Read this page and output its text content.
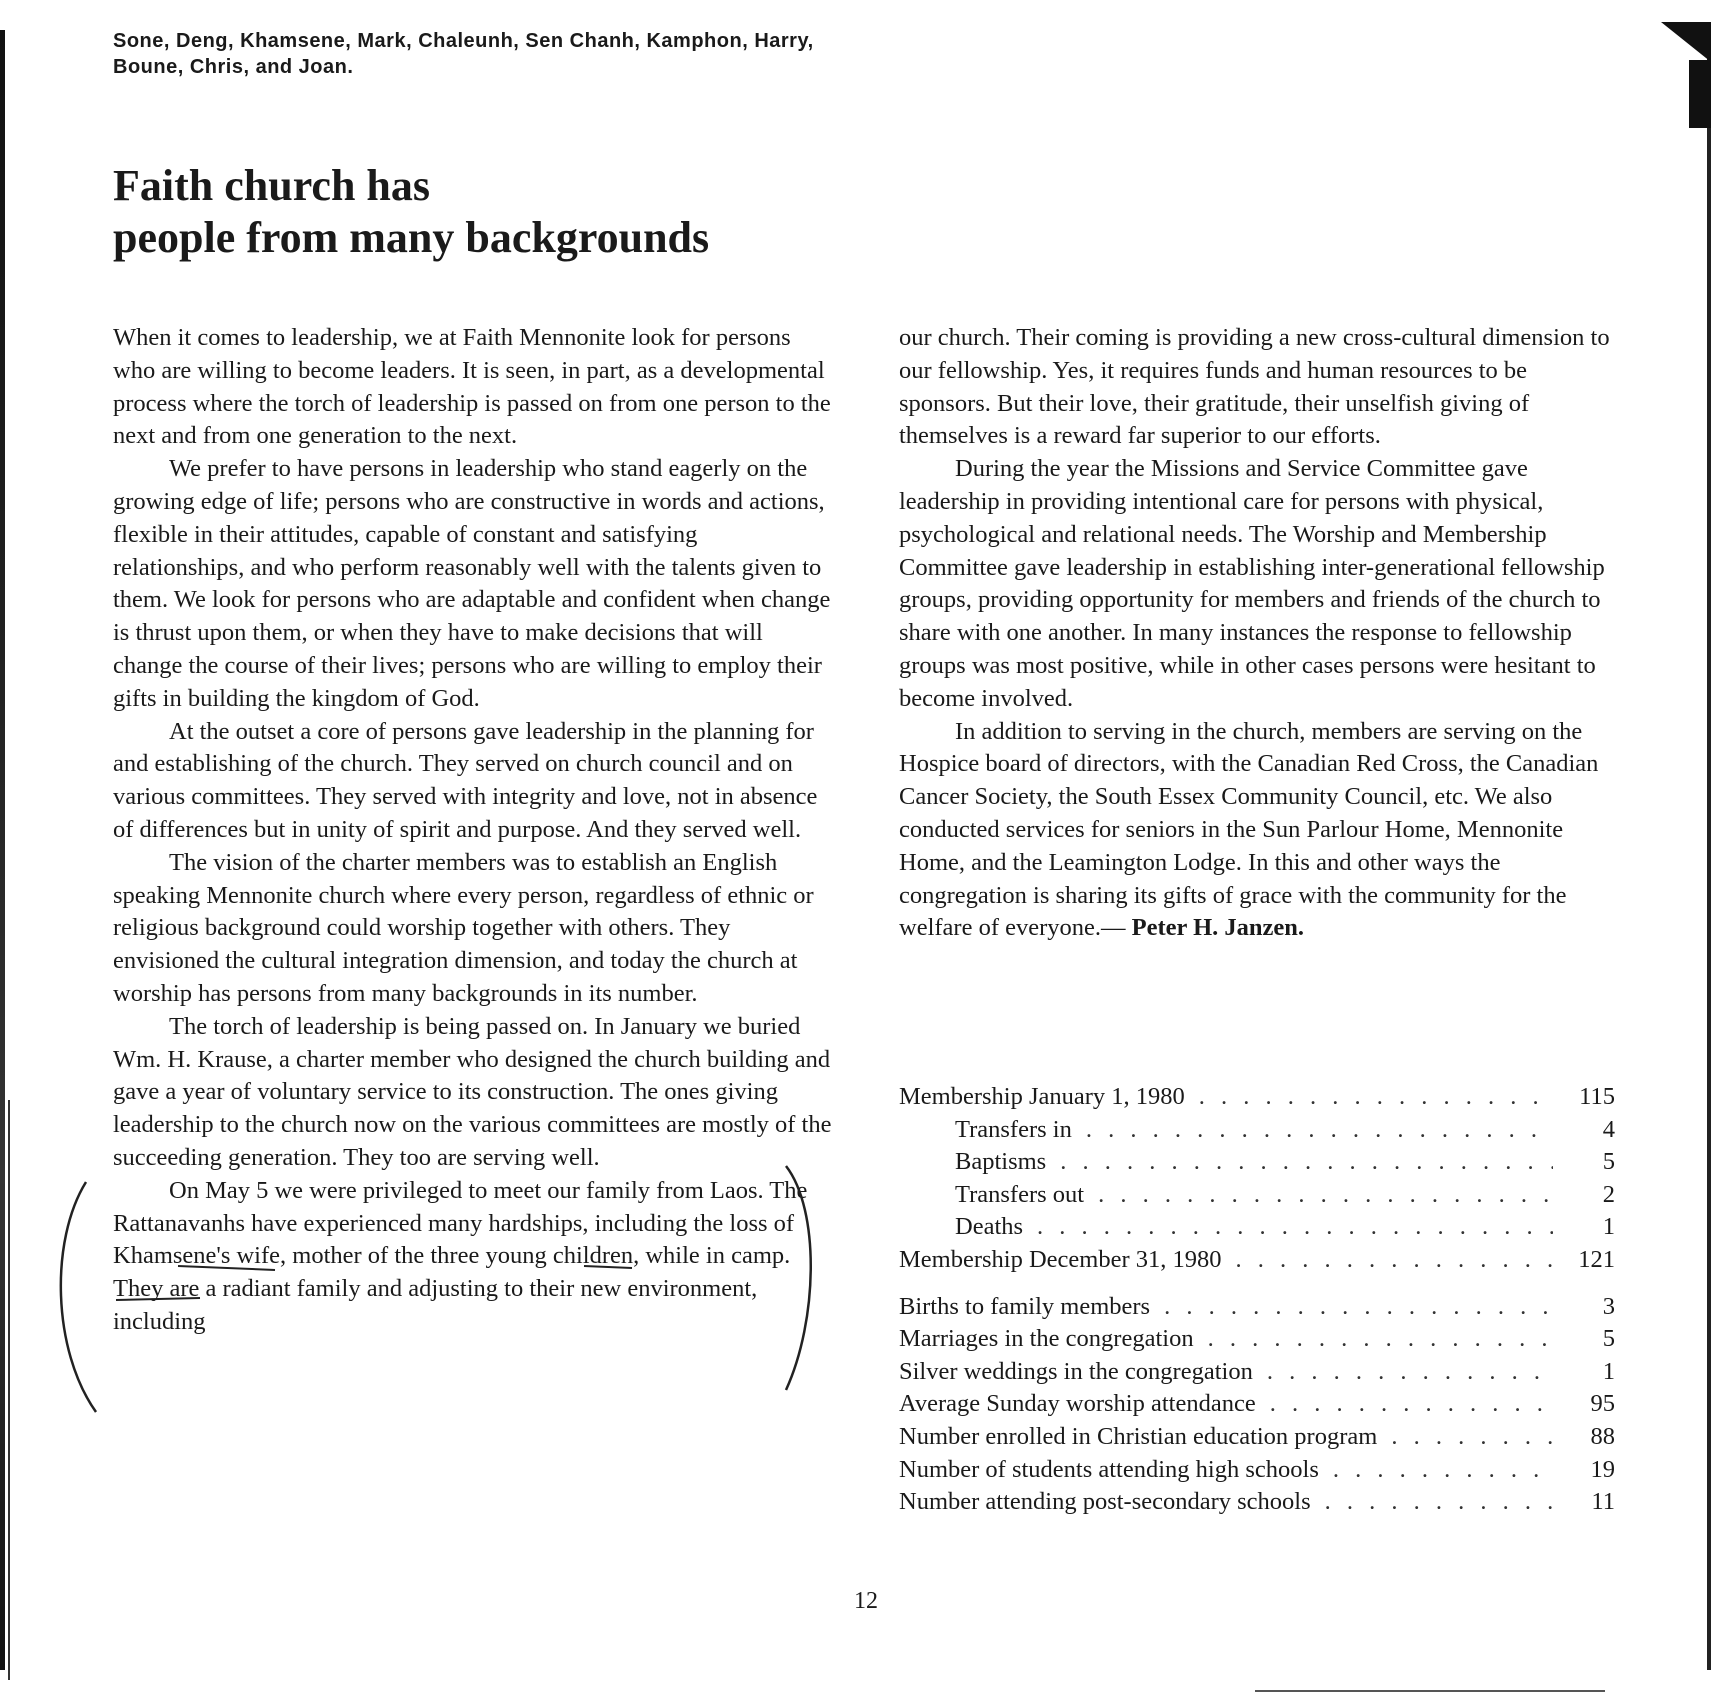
Sone, Deng, Khamsene, Mark, Chaleunh, Sen Chanh, Kamphon, Harry, Boune, Chris, and Joan.
Faith church has
people from many backgrounds

When it comes to leadership, we at Faith Mennonite look for persons who are willing to become leaders. It is seen, in part, as a developmental process where the torch of leadership is passed on from one person to the next and from one generation to the next.

We prefer to have persons in leadership who stand eagerly on the growing edge of life; persons who are constructive in words and actions, flexible in their attitudes, capable of constant and satisfying relationships, and who perform reasonably well with the talents given to them. We look for persons who are adaptable and confident when change is thrust upon them, or when they have to make decisions that will change the course of their lives; persons who are willing to employ their gifts in building the kingdom of God.

At the outset a core of persons gave leadership in the planning for and establishing of the church. They served on church council and on various committees. They served with integrity and love, not in absence of differences but in unity of spirit and purpose. And they served well.

The vision of the charter members was to establish an English speaking Mennonite church where every person, regardless of ethnic or religious background could worship together with others. They envisioned the cultural integration dimension, and today the church at worship has persons from many backgrounds in its number.

The torch of leadership is being passed on. In January we buried Wm. H. Krause, a charter member who designed the church building and gave a year of voluntary service to its construction. The ones giving leadership to the church now on the various committees are mostly of the succeeding generation. They too are serving well.

On May 5 we were privileged to meet our family from Laos. The Rattanavanhs have experienced many hardships, including the loss of Khamsene's wife, mother of the three young children, while in camp. They are a radiant family and adjusting to their new environment, including

our church. Their coming is providing a new cross-cultural dimension to our fellowship. Yes, it requires funds and human resources to be sponsors. But their love, their gratitude, their unselfish giving of themselves is a reward far superior to our efforts.

During the year the Missions and Service Committee gave leadership in providing intentional care for persons with physical, psychological and relational needs. The Worship and Membership Committee gave leadership in establishing inter-generational fellowship groups, providing opportunity for members and friends of the church to share with one another. In many instances the response to fellowship groups was most positive, while in other cases persons were hesitant to become involved.

In addition to serving in the church, members are serving on the Hospice board of directors, with the Canadian Red Cross, the Canadian Cancer Society, the South Essex Community Council, etc. We also conducted services for seniors in the Sun Parlour Home, Mennonite Home, and the Leamington Lodge. In this and other ways the congregation is sharing its gifts of grace with the community for the welfare of everyone.— Peter H. Janzen.

Membership January 1, 1980 . . .	115
Transfers in . . .	4
Baptisms . . .	5
Transfers out . . .	2
Deaths . . .	1
Membership December 31, 1980 . . .	121
Births to family members . . .	3
Marriages in the congregation . . .	5
Silver weddings in the congregation . . .	1
Average Sunday worship attendance . . .	95
Number enrolled in Christian education program . . .	88
Number of students attending high schools . . .	19
Number attending post-secondary schools . . .	11
12
